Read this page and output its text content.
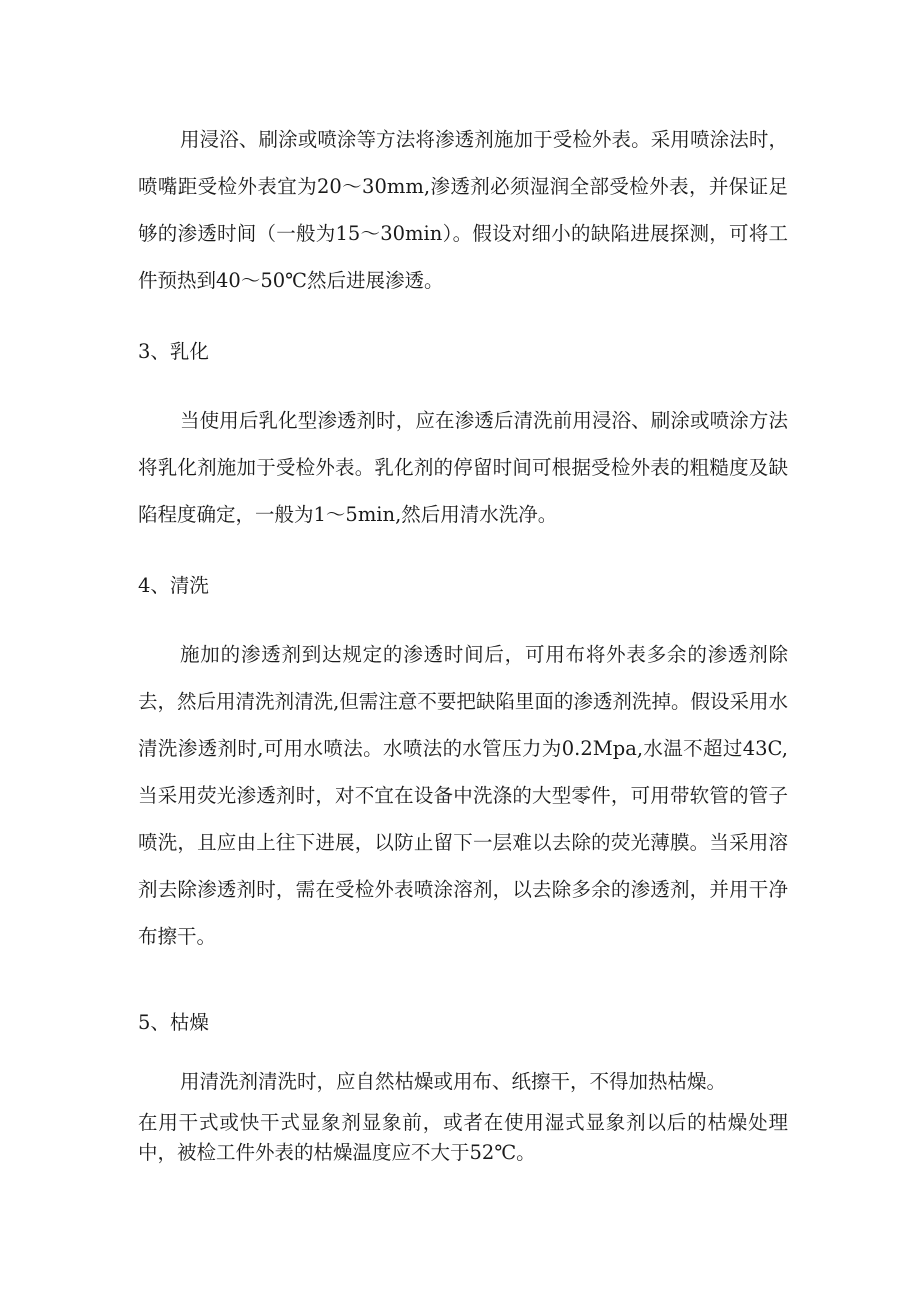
用浸浴、刷涂或喷涂等方法将渗透剂施加于受检外表。采用喷涂法时，喷嘴距受检外表宜为20～30mm,渗透剂必须湿润全部受检外表，并保证足够的渗透时间（一般为15～30min）。假设对细小的缺陷进展探测，可将工件预热到40～50℃然后进展渗透。

3、乳化

当使用后乳化型渗透剂时，应在渗透后清洗前用浸浴、刷涂或喷涂方法将乳化剂施加于受检外表。乳化剂的停留时间可根据受检外表的粗糙度及缺陷程度确定，一般为1～5min,然后用清水洗净。

4、清洗

施加的渗透剂到达规定的渗透时间后，可用布将外表多余的渗透剂除去，然后用清洗剂清洗,但需注意不要把缺陷里面的渗透剂洗掉。假设采用水清洗渗透剂时,可用水喷法。水喷法的水管压力为0.2Mpa,水温不超过43C,当采用荧光渗透剂时，对不宜在设备中洗涤的大型零件，可用带软管的管子喷洗，且应由上往下进展，以防止留下一层难以去除的荧光薄膜。当采用溶剂去除渗透剂时，需在受检外表喷涂溶剂，以去除多余的渗透剂，并用干净布擦干。

5、枯燥

用清洗剂清洗时，应自然枯燥或用布、纸擦干，不得加热枯燥。

在用干式或快干式显象剂显象前，或者在使用湿式显象剂以后的枯燥处理中，被检工件外表的枯燥温度应不大于52℃。
